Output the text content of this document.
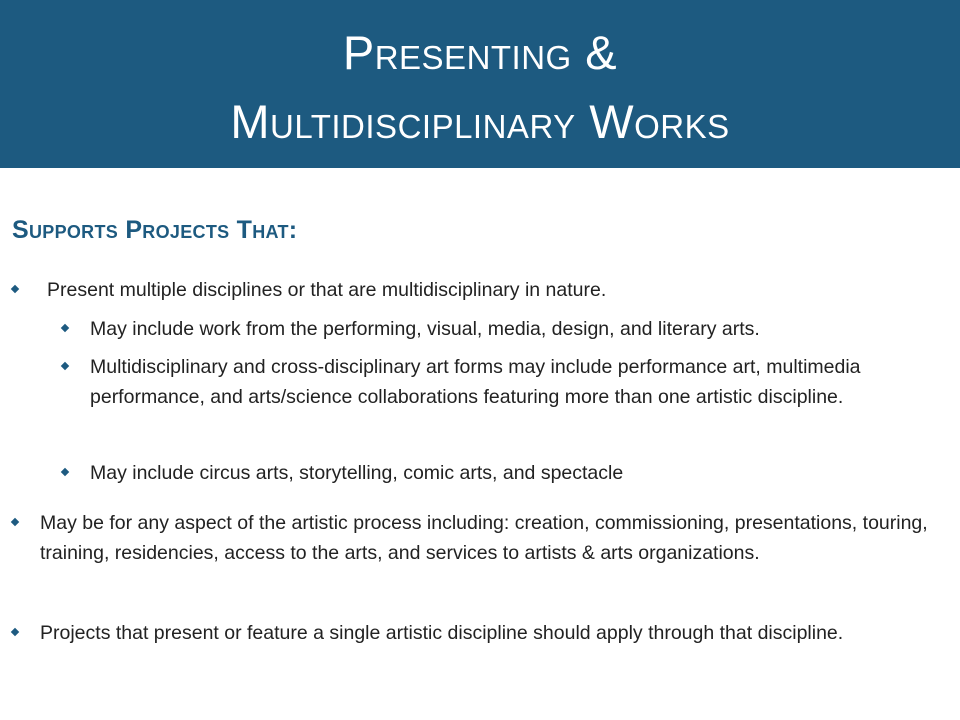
Presenting &
Multidisciplinary Works
Supports Projects That:
Present multiple disciplines or that are multidisciplinary in nature.
May include work from the performing, visual, media, design, and literary arts.
Multidisciplinary and cross-disciplinary art forms may include performance art, multimedia performance, and arts/science collaborations featuring more than one artistic discipline.
May include circus arts, storytelling, comic arts, and spectacle
May be for any aspect of the artistic process including: creation, commissioning, presentations, touring, training, residencies, access to the arts, and services to artists & arts organizations.
Projects that present or feature a single artistic discipline should apply through that discipline.
